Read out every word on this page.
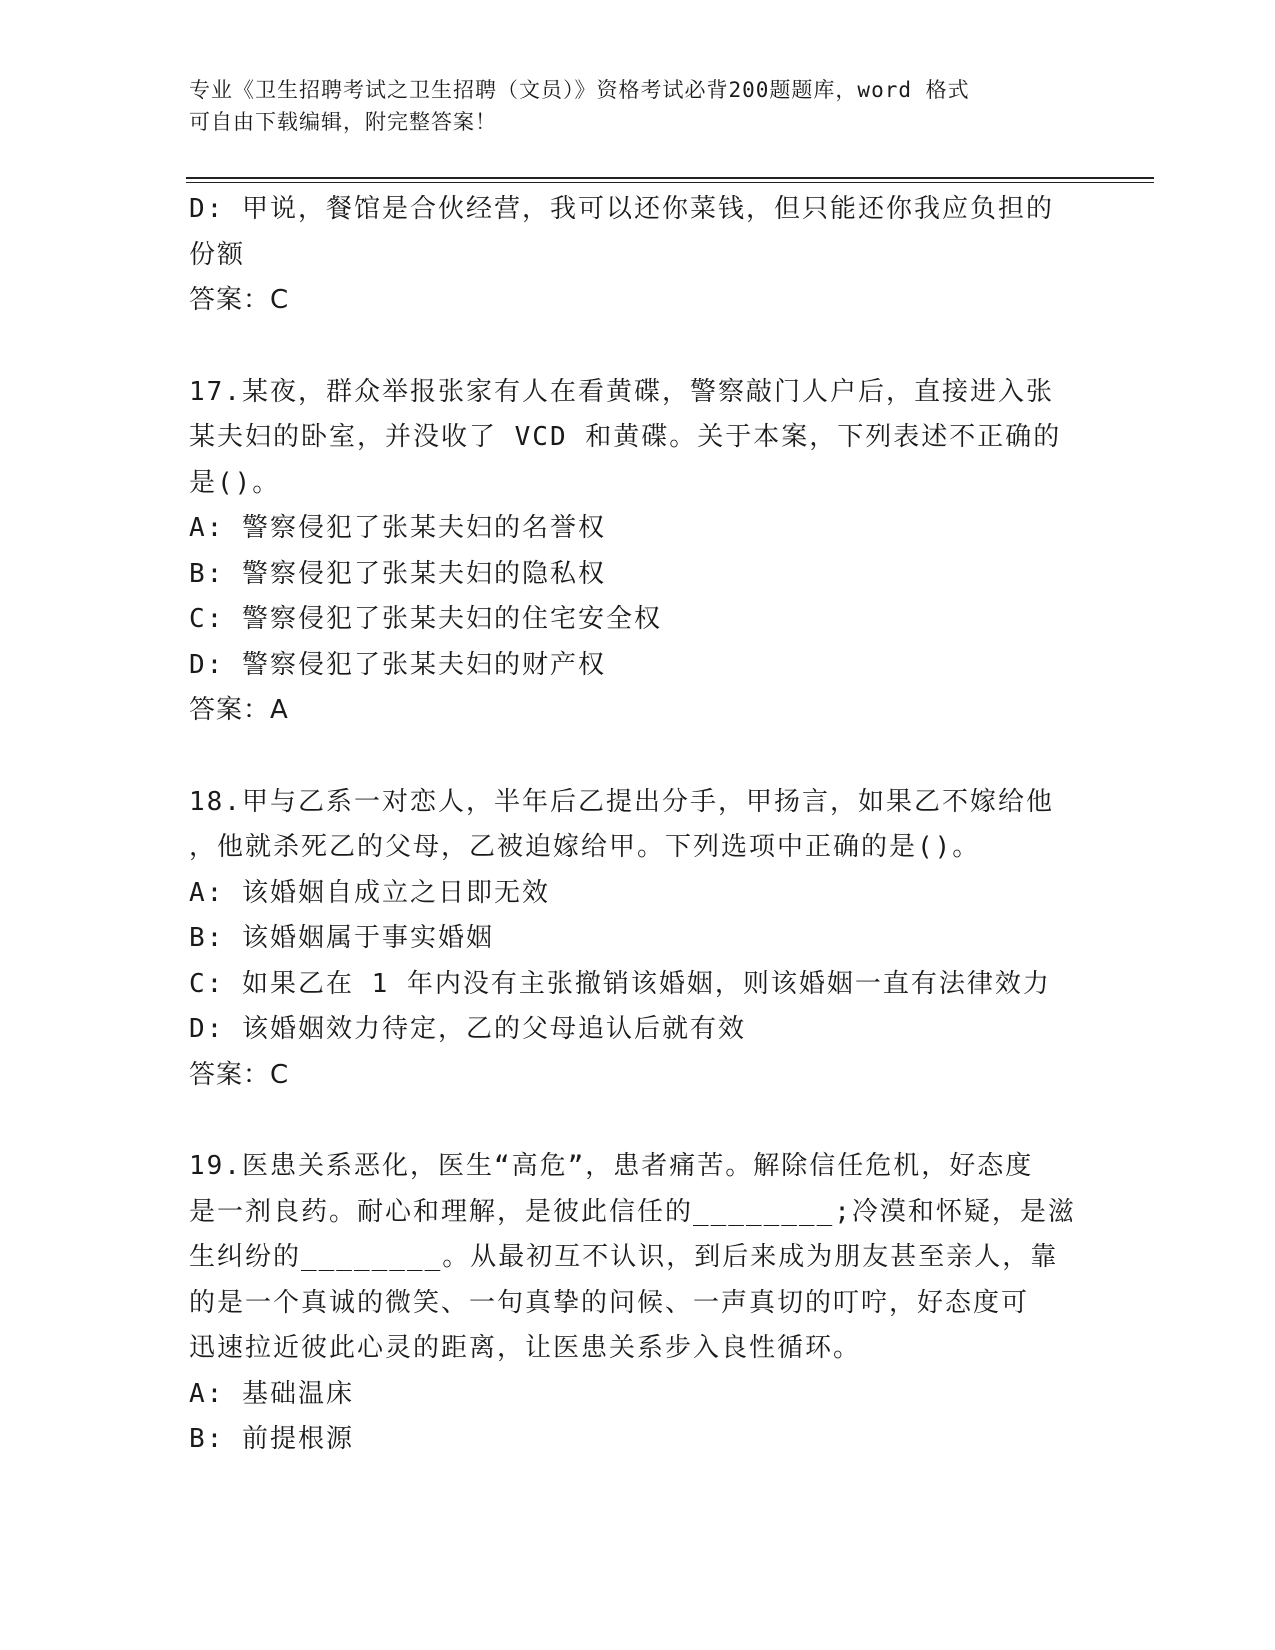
专业《卫生招聘考试之卫生招聘（文员）》资格考试必背200题题库，word 格式
可自由下载编辑，附完整答案！
D: 甲说，餐馆是合伙经营，我可以还你菜钱，但只能还你我应负担的
份额
答案：C
17.某夜，群众举报张家有人在看黄碟，警察敲门人户后，直接进入张
某夫妇的卧室，并没收了 VCD 和黄碟。关于本案，下列表述不正确的
是()。
A: 警察侵犯了张某夫妇的名誉权
B: 警察侵犯了张某夫妇的隐私权
C: 警察侵犯了张某夫妇的住宅安全权
D: 警察侵犯了张某夫妇的财产权
答案：A
18.甲与乙系一对恋人，半年后乙提出分手，甲扬言，如果乙不嫁给他
，他就杀死乙的父母，乙被迫嫁给甲。下列选项中正确的是()。
A: 该婚姻自成立之日即无效
B: 该婚姻属于事实婚姻
C: 如果乙在 1 年内没有主张撤销该婚姻，则该婚姻一直有法律效力
D: 该婚姻效力待定，乙的父母追认后就有效
答案：C
19.医患关系恶化，医生“高危”，患者痛苦。解除信任危机，好态度
是一剂良药。耐心和理解，是彼此信任的________;冷漠和怀疑，是滋
生纠纷的________。从最初互不认识，到后来成为朋友甚至亲人，靠
的是一个真诚的微笑、一句真挚的问候、一声真切的叮咛，好态度可
迅速拉近彼此心灵的距离，让医患关系步入良性循环。
A: 基础温床
B: 前提根源
